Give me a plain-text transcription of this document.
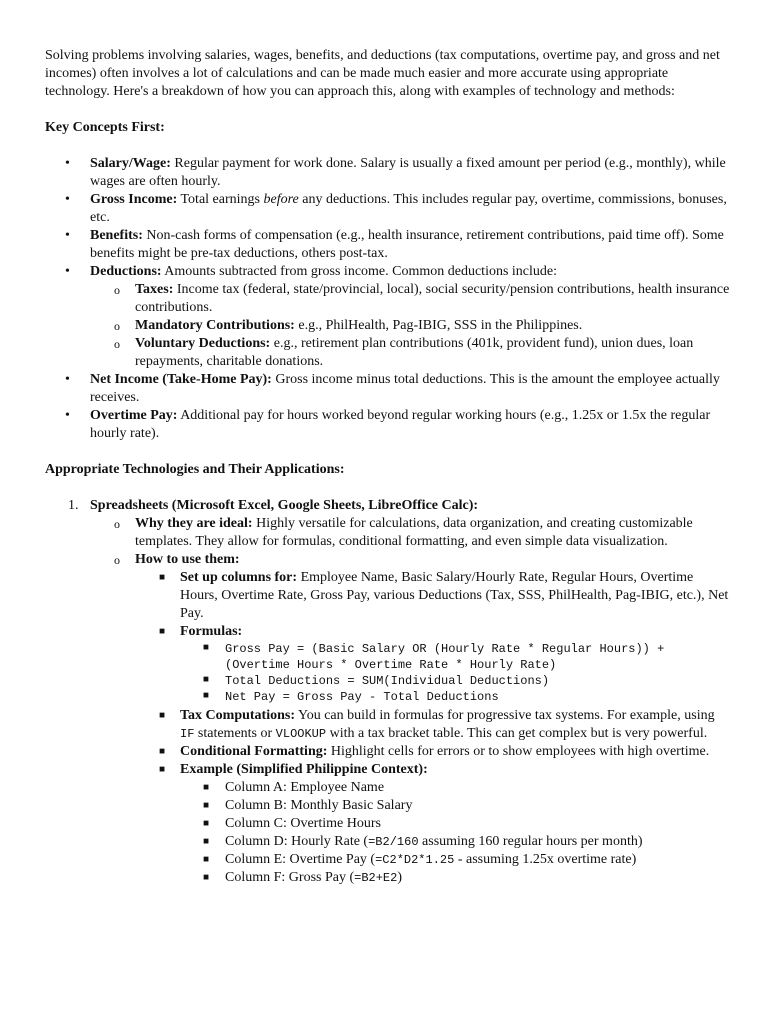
Solving problems involving salaries, wages, benefits, and deductions (tax computations, overtime pay, and gross and net incomes) often involves a lot of calculations and can be made much easier and more accurate using appropriate technology. Here's a breakdown of how you can approach this, along with examples of technology and methods:

Key Concepts First:

• Salary/Wage: Regular payment for work done. Salary is usually a fixed amount per period (e.g., monthly), while wages are often hourly.
• Gross Income: Total earnings before any deductions. This includes regular pay, overtime, commissions, bonuses, etc.
• Benefits: Non-cash forms of compensation (e.g., health insurance, retirement contributions, paid time off). Some benefits might be pre-tax deductions, others post-tax.
• Deductions: Amounts subtracted from gross income. Common deductions include:
o Taxes: Income tax (federal, state/provincial, local), social security/pension contributions, health insurance contributions.
o Mandatory Contributions: e.g., PhilHealth, Pag-IBIG, SSS in the Philippines.
o Voluntary Deductions: e.g., retirement plan contributions (401k, provident fund), union dues, loan repayments, charitable donations.
• Net Income (Take-Home Pay): Gross income minus total deductions. This is the amount the employee actually receives.
• Overtime Pay: Additional pay for hours worked beyond regular working hours (e.g., 1.25x or 1.5x the regular hourly rate).

Appropriate Technologies and Their Applications:

1. Spreadsheets (Microsoft Excel, Google Sheets, LibreOffice Calc):
o Why they are ideal: Highly versatile for calculations, data organization, and creating customizable templates. They allow for formulas, conditional formatting, and even simple data visualization.
o How to use them:
■ Set up columns for: Employee Name, Basic Salary/Hourly Rate, Regular Hours, Overtime Hours, Overtime Rate, Gross Pay, various Deductions (Tax, SSS, PhilHealth, Pag-IBIG, etc.), Net Pay.
■ Formulas:
■ Gross Pay = (Basic Salary OR (Hourly Rate * Regular Hours)) + (Overtime Hours * Overtime Rate * Hourly Rate)
■ Total Deductions = SUM(Individual Deductions)
■ Net Pay = Gross Pay - Total Deductions
■ Tax Computations: You can build in formulas for progressive tax systems. For example, using IF statements or VLOOKUP with a tax bracket table. This can get complex but is very powerful.
■ Conditional Formatting: Highlight cells for errors or to show employees with high overtime.
■ Example (Simplified Philippine Context):
■ Column A: Employee Name
■ Column B: Monthly Basic Salary
■ Column C: Overtime Hours
■ Column D: Hourly Rate (=B2/160 assuming 160 regular hours per month)
■ Column E: Overtime Pay (=C2*D2*1.25 - assuming 1.25x overtime rate)
■ Column F: Gross Pay (=B2+E2)
